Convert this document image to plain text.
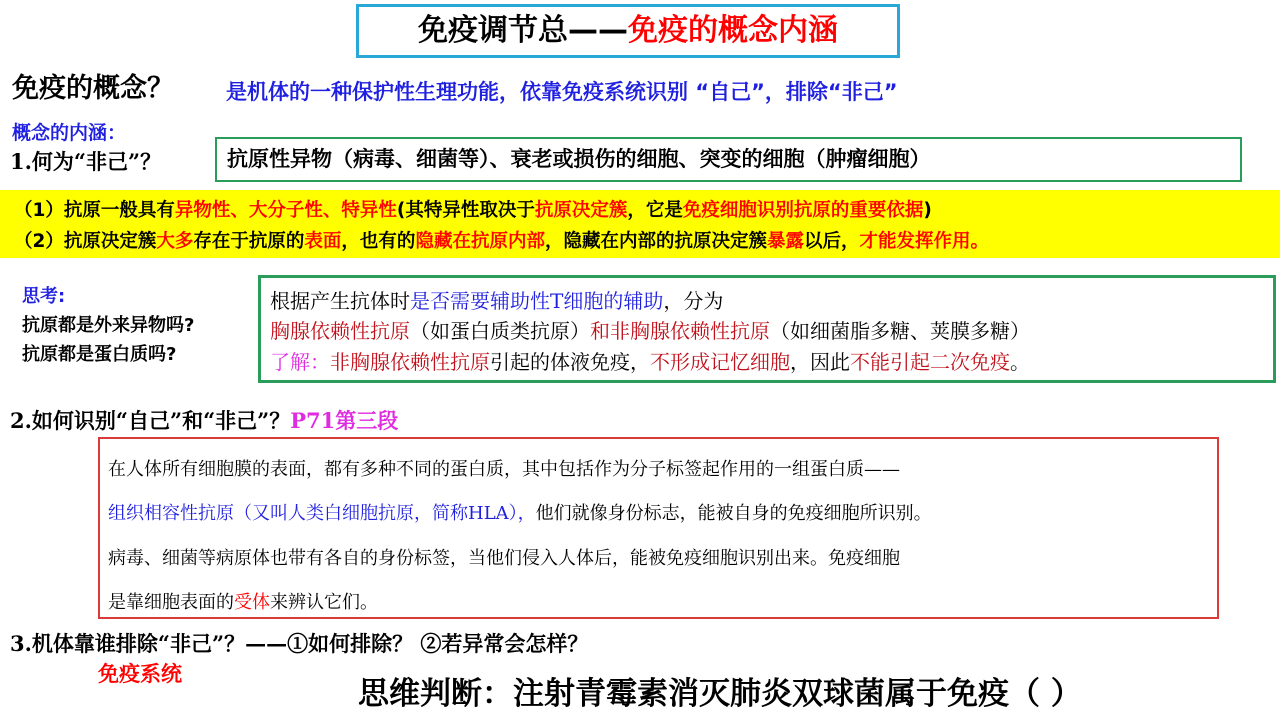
免疫调节总——免疫的概念内涵
免疫的概念？ 是机体的一种保护性生理功能，依靠免疫系统识别 “自己”，排除“非己”
概念的内涵：
1.何为“非己”？	抗原性异物（病毒、细菌等）、衰老或损伤的细胞、突变的细胞（肿瘤细胞）
（1）抗原一般具有异物性、大分子性、特异性(其特异性取决于抗原决定簇，它是免疫细胞识别抗原的重要依据)
（2）抗原决定簇大多存在于抗原的表面，也有的隐藏在抗原内部，隐藏在内部的抗原决定簇暴露以后，才能发挥作用。
思考:
抗原都是外来异物吗?
抗原都是蛋白质吗?
根据产生抗体时是否需要辅助性T细胞的辅助，分为
胸腺依赖性抗原（如蛋白质类抗原）和非胸腺依赖性抗原（如细菌脂多糖、荚膜多糖）
了解：非胸腺依赖性抗原引起的体液免疫，不形成记忆细胞，因此不能引起二次免疫。
2.如何识别“自己”和“非己”？P71第三段
在人体所有细胞膜的表面，都有多种不同的蛋白质，其中包括作为分子标签起作用的一组蛋白质——
组织相容性抗原（又叫人类白细胞抗原，简称HLA），他们就像身份标志，能被自身的免疫细胞所识别。
病毒、细菌等病原体也带有各自的身份标签，当他们侵入人体后，能被免疫细胞识别出来。免疫细胞
是靠细胞表面的受体来辨认它们。
3.机体靠谁排除“非己”？——①如何排除？ ②若异常会怎样？
免疫系统
思维判断：注射青霉素消灭肺炎双球菌属于免疫（ ）
